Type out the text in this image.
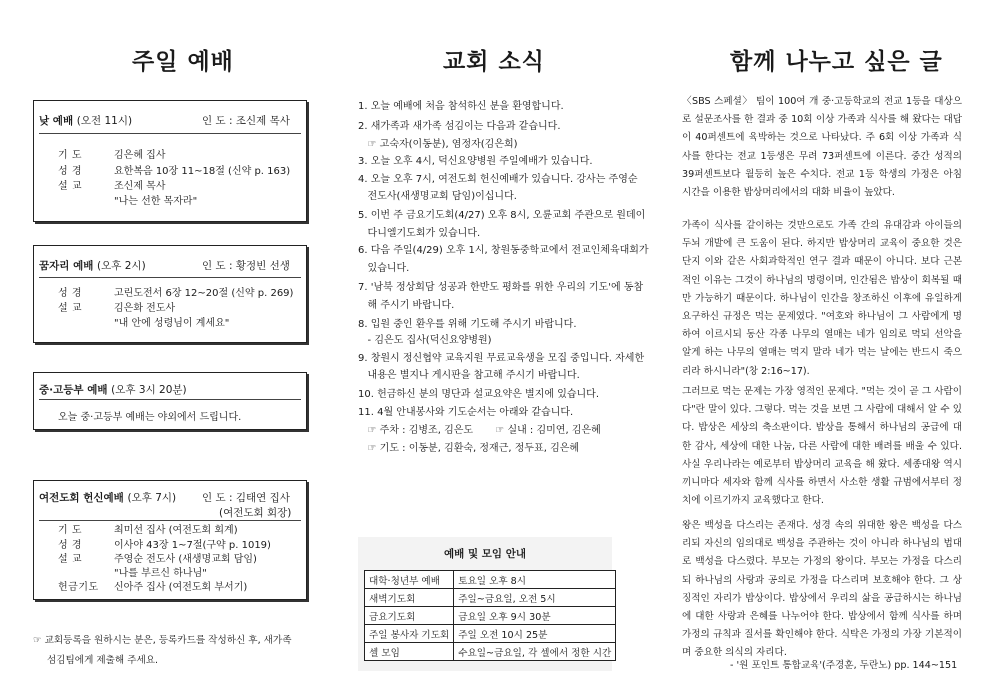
주일 예배	교회 소식	함께 나누고 싶은 글
낮 예배 (오전 11시)	인 도 : 조신제 목사
기 도	김은혜 집사
성 경	요한복음 10장 11~18절 (신약 p. 163)
설 교	조신제 목사
"나는 선한 목자라"
꿈자리 예배 (오후 2시)	인 도 : 황정빈 선생
성 경	고린도전서 6장 12~20절 (신약 p. 269)
설 교	김은화 전도사
"내 안에 성령님이 계세요"
중·고등부 예배 (오후 3시 20분)
오늘 중·고등부 예배는 야외에서 드립니다.
여전도회 헌신예배 (오후 7시) 인 도 : 김태연 집사
(여전도회 회장)
기 도	최미선 집사 (여전도회 회계)
성 경	이사야 43장 1~7절(구약 p. 1019)
설 교	주영순 전도사 (새생명교회 담임)
"나를 부르신 하나님"
헌금기도 신아주 집사 (여전도회 부서기)
☞ 교회등록을 원하시는 분은, 등록카드를 작성하신 후, 새가족
섬김팀에게 제출해 주세요.
1. 오늘 예배에 처음 참석하신 분을 환영합니다.
2. 새가족과 새가족 섬김이는 다음과 같습니다.
☞ 고숙자(이동분), 염정자(김은희)
3. 오늘 오후 4시, 덕신요양병원 주일예배가 있습니다.
4. 오늘 오후 7시, 여전도회 헌신예배가 있습니다. 강사는 주영순
전도사(새생명교회 담임)이십니다.
5. 이번 주 금요기도회(4/27) 오후 8시, 오륜교회 주관으로 원데이
다니엘기도회가 있습니다.
6. 다음 주일(4/29) 오후 1시, 창원동중학교에서 전교인체육대회가
있습니다.
7. '남북 정상회담 성공과 한반도 평화를 위한 우리의 기도'에 동참
해 주시기 바랍니다.
8. 입원 중인 환우를 위해 기도해 주시기 바랍니다.
- 김은도 집사(덕신요양병원)
9. 창원시 정신협약 교육지원 무료교육생을 모집 중입니다. 자세한
내용은 별지나 게시판을 참고해 주시기 바랍니다.
10. 헌금하신 분의 명단과 설교요약은 별지에 있습니다.
11. 4월 안내봉사와 기도순서는 아래와 같습니다.
☞ 주차 : 김병조, 김은도       ☞ 실내 : 김미연, 김은혜
☞ 기도 : 이동분, 김환숙, 정재근, 정두표, 김은혜
예배 및 모임 안내
대학·청년부 예배	토요일 오후 8시
새벽기도회	주일~금요일, 오전 5시
금요기도회	금요일 오후 9시 30분
주일 봉사자 기도회	주일 오전 10시 25분
셀 모임	수요일~금요일, 각 셀에서 정한 시간
〈SBS 스페셜〉 팀이 100여 개 중·고등학교의 전교 1등을 대상으로 설문조사를 한 결과 중 10회 이상 가족과 식사를 해 왔다는 대답이 40퍼센트에 육박하는 것으로 나타났다. 주 6회 이상 가족과 식사를 한다는 전교 1등생은 무려 73퍼센트에 이른다. 중간 성적의 39퍼센트보다 월등히 높은 수치다. 전교 1등 학생의 가정은 아침 시간을 이용한 밥상머리에서의 대화 비율이 높았다.
가족이 식사를 같이하는 것만으로도 가족 간의 유대감과 아이들의 두뇌 개발에 큰 도움이 된다. 하지만 밥상머리 교육이 중요한 것은 단지 이와 같은 사회과학적인 연구 결과 때문이 아니다. 보다 근본적인 이유는 그것이 하나님의 명령이며, 인간됨은 밥상이 회복될 때만 가능하기 때문이다. 하나님이 인간을 창조하신 이후에 유일하게 요구하신 규정은 먹는 문제였다. "여호와 하나님이 그 사람에게 명하여 이르시되 동산 각종 나무의 열매는 네가 임의로 먹되 선악을 알게 하는 나무의 열매는 먹지 말라 네가 먹는 날에는 반드시 죽으리라 하시니라"(창 2:16~17).
그러므로 먹는 문제는 가장 영적인 문제다. "먹는 것이 곧 그 사람이다"란 말이 있다. 그렇다. 먹는 것을 보면 그 사람에 대해서 알 수 있다. 밥상은 세상의 축소판이다. 밥상을 통해서 하나님의 공급에 대한 감사, 세상에 대한 나눔, 다른 사람에 대한 배려를 배울 수 있다. 사실 우리나라는 예로부터 밥상머리 교육을 해 왔다. 세종대왕 역시 끼니마다 세자와 함께 식사를 하면서 사소한 생활 규범에서부터 정치에 이르기까지 교육했다고 한다.
왕은 백성을 다스리는 존재다. 성경 속의 위대한 왕은 백성을 다스리되 자신의 임의대로 백성을 주관하는 것이 아니라 하나님의 법대로 백성을 다스렸다. 부모는 가정의 왕이다. 부모는 가정을 다스리되 하나님의 사랑과 공의로 가정을 다스리며 보호해야 한다. 그 상징적인 자리가 밥상이다. 밥상에서 우리의 삶을 공급하시는 하나님에 대한 사랑과 은혜를 나누어야 한다. 밥상에서 함께 식사를 하며 가정의 규칙과 질서를 확인해야 한다. 식탁은 가정의 가장 기본적이며 중요한 의식의 자리다.
- '원 포인트 통합교육'(주경훈, 두란노) pp. 144~151
